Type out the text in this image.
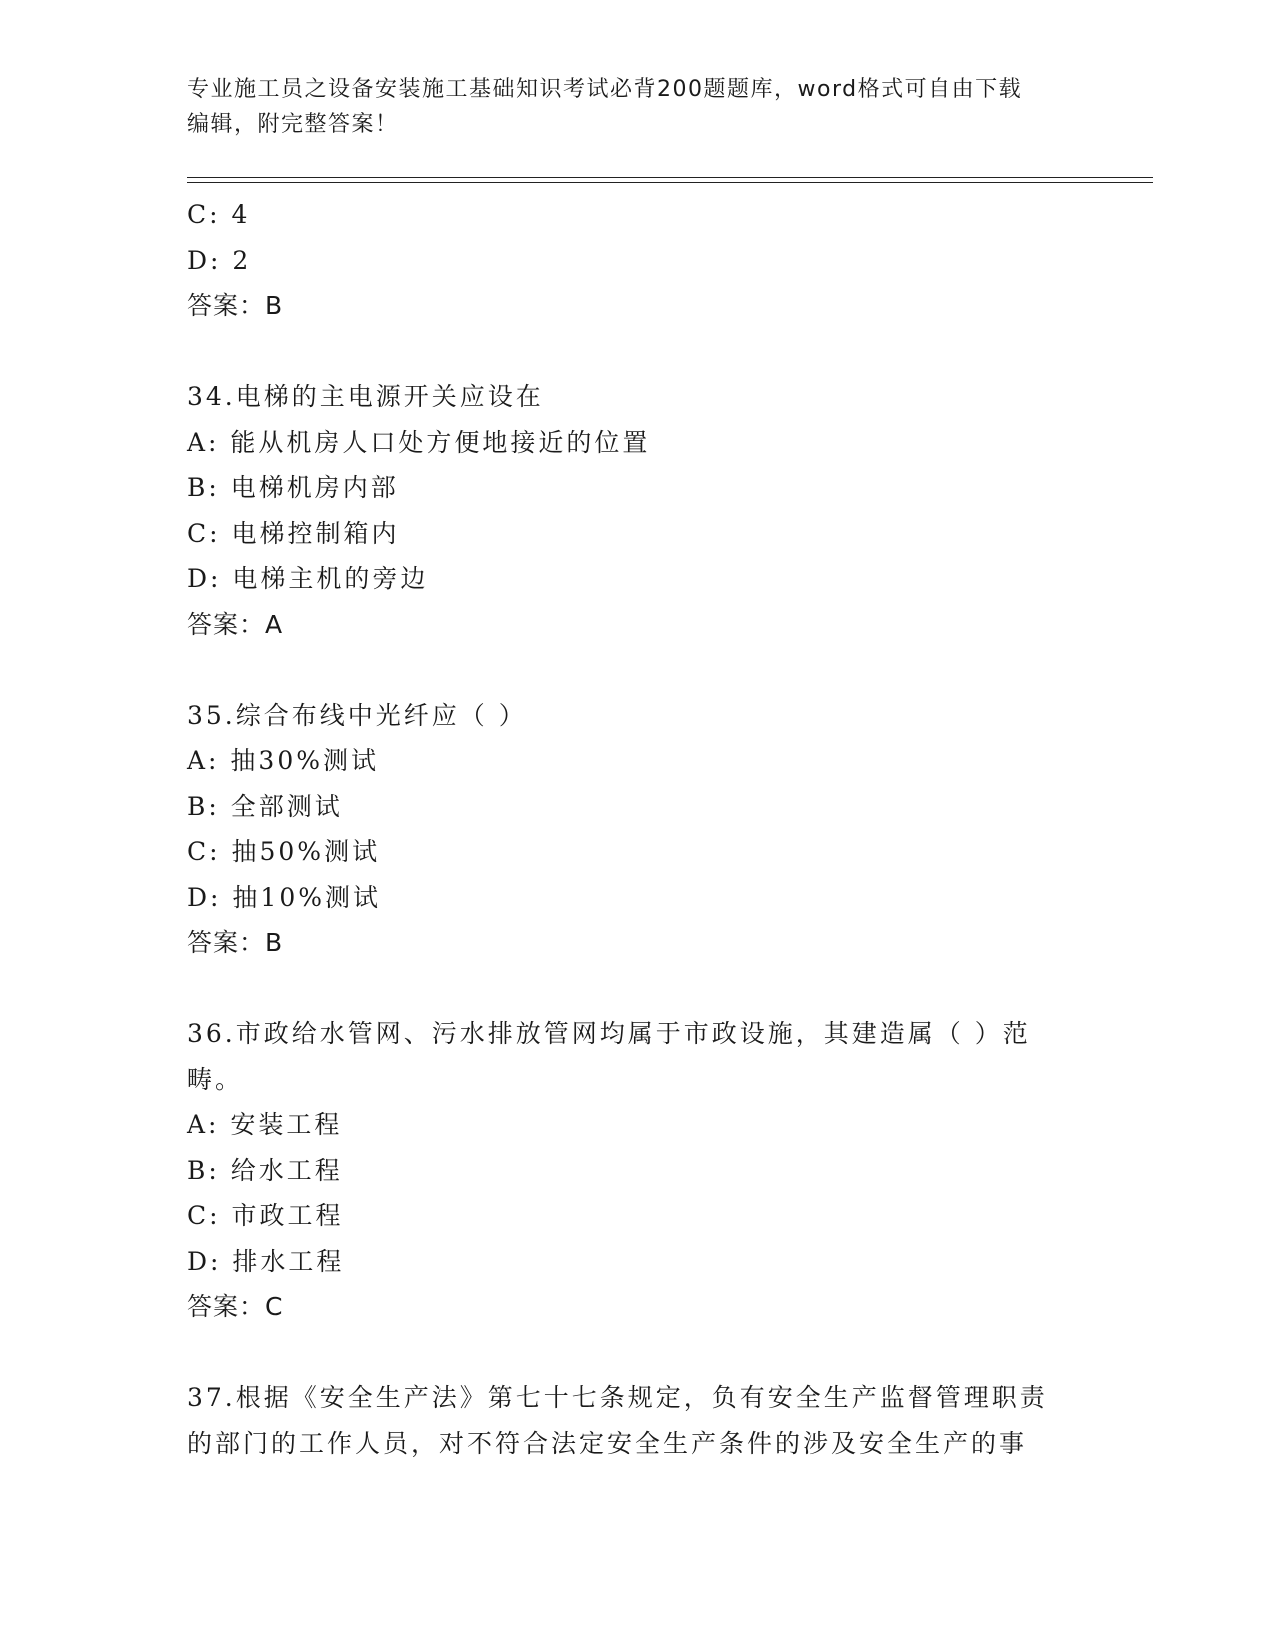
专业施工员之设备安装施工基础知识考试必背200题题库，word格式可自由下载
编辑，附完整答案！
C: 4
D: 2
答案：B
34.电梯的主电源开关应设在
A: 能从机房人口处方便地接近的位置
B: 电梯机房内部
C: 电梯控制箱内
D: 电梯主机的旁边
答案：A
35.综合布线中光纤应（ ）
A: 抽30%测试
B: 全部测试
C: 抽50%测试
D: 抽10%测试
答案：B
36.市政给水管网、污水排放管网均属于市政设施，其建造属（ ）范
畴。
A: 安装工程
B: 给水工程
C: 市政工程
D: 排水工程
答案：C
37.根据《安全生产法》第七十七条规定，负有安全生产监督管理职责
的部门的工作人员，对不符合法定安全生产条件的涉及安全生产的事
